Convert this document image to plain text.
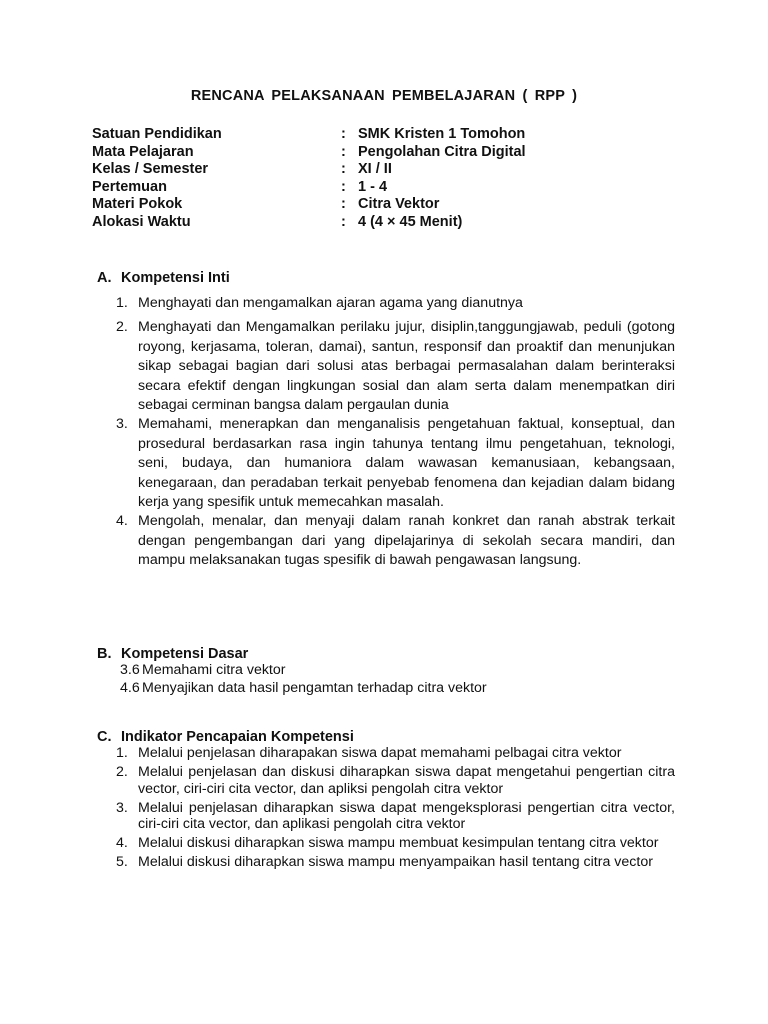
RENCANA PELAKSANAAN PEMBELAJARAN ( RPP )
Satuan Pendidikan	: SMK Kristen 1 Tomohon
Mata Pelajaran	: Pengolahan Citra Digital
Kelas / Semester	: XI / II
Pertemuan	: 1 - 4
Materi Pokok	: Citra Vektor
Alokasi Waktu	: 4 (4 × 45 Menit)
A. Kompetensi Inti
1. Menghayati dan mengamalkan ajaran agama yang dianutnya
2. Menghayati dan Mengamalkan perilaku jujur, disiplin,tanggungjawab, peduli (gotong royong, kerjasama, toleran, damai), santun, responsif dan proaktif dan menunjukan sikap sebagai bagian dari solusi atas berbagai permasalahan dalam berinteraksi secara efektif dengan lingkungan sosial dan alam serta dalam menempatkan diri sebagai cerminan bangsa dalam pergaulan dunia
3. Memahami, menerapkan dan menganalisis pengetahuan faktual, konseptual, dan prosedural berdasarkan rasa ingin tahunya tentang ilmu pengetahuan, teknologi, seni, budaya, dan humaniora dalam wawasan kemanusiaan, kebangsaan, kenegaraan, dan peradaban terkait penyebab fenomena dan kejadian dalam bidang kerja yang spesifik untuk memecahkan masalah.
4. Mengolah, menalar, dan menyaji dalam ranah konkret dan ranah abstrak terkait dengan pengembangan dari yang dipelajarinya di sekolah secara mandiri, dan mampu melaksanakan tugas spesifik di bawah pengawasan langsung.
B. Kompetensi Dasar
3.6 Memahami citra vektor
4.6 Menyajikan data hasil pengamtan terhadap citra vektor
C. Indikator Pencapaian Kompetensi
1. Melalui penjelasan diharapakan siswa dapat memahami pelbagai citra vektor
2. Melalui penjelasan dan diskusi diharapkan siswa dapat mengetahui pengertian citra vector, ciri-ciri cita vector, dan apliksi pengolah citra vektor
3. Melalui penjelasan diharapkan siswa dapat mengeksplorasi pengertian citra vector, ciri-ciri cita vector, dan aplikasi pengolah citra vektor
4. Melalui diskusi diharapkan siswa mampu membuat kesimpulan tentang citra vektor
5. Melalui diskusi diharapkan siswa mampu menyampaikan hasil tentang citra vector
